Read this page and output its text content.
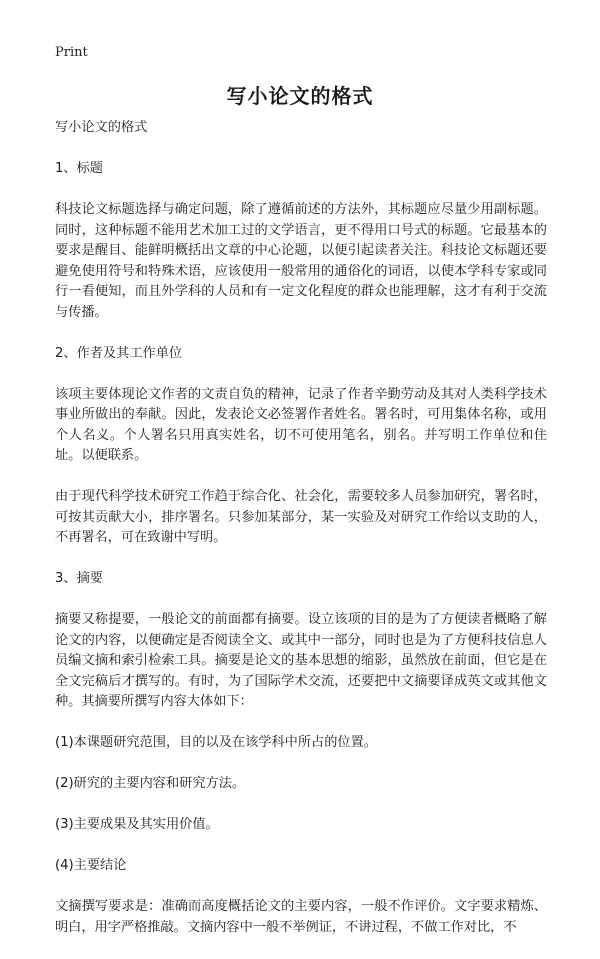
Print
写小论文的格式
写小论文的格式
1、标题

科技论文标题选择与确定问题，除了遵循前述的方法外，其标题应尽量少用副标题。同时，这种标题不能用艺术加工过的文学语言，更不得用口号式的标题。它最基本的要求是醒目、能鲜明概括出文章的中心论题，以便引起读者关注。科技论文标题还要避免使用符号和特殊术语，应该使用一般常用的通俗化的词语，以使本学科专家或同行一看便知，而且外学科的人员和有一定文化程度的群众也能理解，这才有利于交流与传播。

2、作者及其工作单位

该项主要体现论文作者的文责自负的精神，记录了作者辛勤劳动及其对人类科学技术事业所做出的奉献。因此，发表论文必签署作者姓名。署名时，可用集体名称，或用个人名义。个人署名只用真实姓名，切不可使用笔名，别名。并写明工作单位和住址。以便联系。

由于现代科学技术研究工作趋于综合化、社会化，需要较多人员参加研究，署名时，可按其贡献大小，排序署名。只参加某部分，某一实验及对研究工作给以支助的人，不再署名，可在致谢中写明。

3、摘要

摘要又称提要，一般论文的前面都有摘要。设立该项的目的是为了方便读者概略了解论文的内容，以便确定是否阅读全文、或其中一部分，同时也是为了方便科技信息人员编文摘和索引检索工具。摘要是论文的基本思想的缩影，虽然放在前面，但它是在全文完稿后才撰写的。有时，为了国际学术交流，还要把中文摘要译成英文或其他文种。其摘要所撰写内容大体如下：

(1)本课题研究范围，目的以及在该学科中所占的位置。
(2)研究的主要内容和研究方法。
(3)主要成果及其实用价值。
(4)主要结论

文摘撰写要求是：准确而高度概括论文的主要内容，一般不作评价。文字要求精炼、明白，用字严格推敲。文摘内容中一般不举例证，不讲过程，不做工作对比，不
